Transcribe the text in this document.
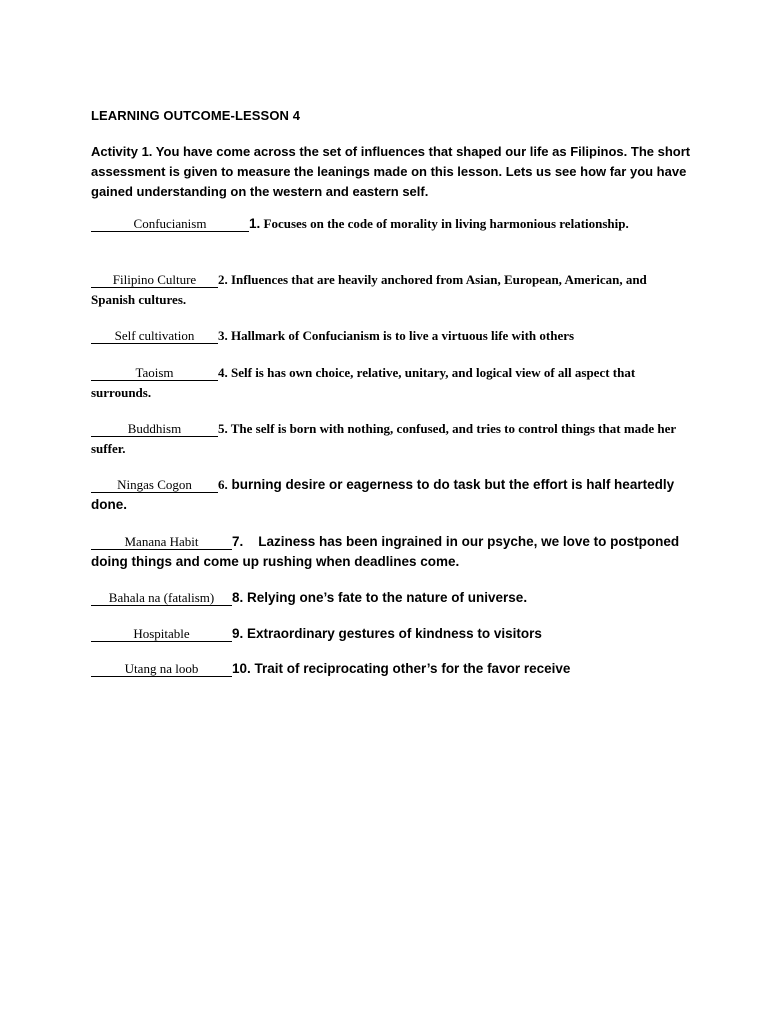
LEARNING OUTCOME-LESSON 4
Activity 1. You have come across the set of influences that shaped our life as Filipinos. The short assessment is given to measure the leanings made on this lesson. Lets us see how far you have gained understanding on the western and eastern self.
Confucianism	1. Focuses on the code of morality in living harmonious relationship.
Filipino Culture 2. Influences that are heavily anchored from Asian, European, American, and Spanish cultures.
Self cultivation 3. Hallmark of Confucianism is to live a virtuous life with others
Taoism	4. Self is has own choice, relative, unitary, and logical view of all aspect that surrounds.
Buddhism	5. The self is born with nothing, confused, and tries to control things that made her suffer.
Ningas Cogon 6. burning desire or eagerness to do task but the effort is half heartedly done.
Manana Habit 7.    Laziness has been ingrained in our psyche, we love to postponed doing things and come up rushing when deadlines come.
Bahala na (fatalism) 8. Relying one’s fate to the nature of universe.
Hospitable	9. Extraordinary gestures of kindness to visitors
Utang na loob 10. Trait of reciprocating other’s for the favor receive
